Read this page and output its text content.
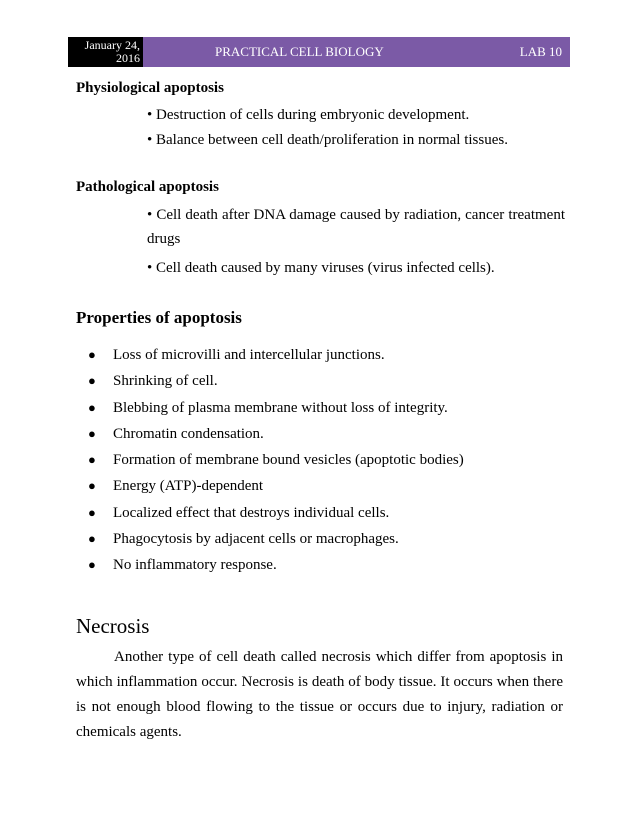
January 24,
2016	PRACTICAL CELL BIOLOGY	LAB 10
Physiological apoptosis
• Destruction of cells during embryonic development.
• Balance between cell death/proliferation in normal tissues.
Pathological apoptosis
• Cell death after DNA damage caused by radiation, cancer treatment drugs
• Cell death caused by many viruses (virus infected cells).
Properties of apoptosis
●	Loss of microvilli and intercellular junctions.
●	Shrinking of cell.
●	Blebbing of plasma membrane without loss of integrity.
●	Chromatin condensation.
●	Formation of membrane bound vesicles (apoptotic bodies)
●	Energy (ATP)-dependent
●	Localized effect that destroys individual cells.
●	Phagocytosis by adjacent cells or macrophages.
●	No inflammatory response.
Necrosis
Another type of cell death called necrosis which differ from apoptosis in which inflammation occur. Necrosis is death of body tissue. It occurs when there is not enough blood flowing to the tissue or occurs due to injury, radiation or chemicals agents.
